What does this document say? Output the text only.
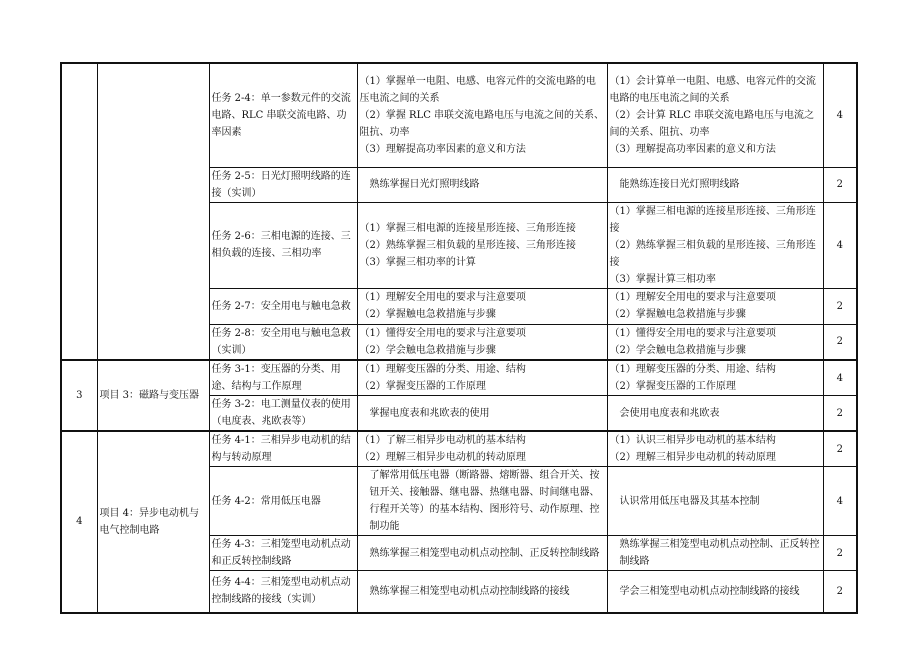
		任务 2-4：单一参数元件的交流电路、RLC 串联交流电路、功率因素	（1）掌握单一电阻、电感、电容元件的交流电路的电压电流之间的关系
（2）掌握 RLC 串联交流电路电压与电流之间的关系、阻抗、功率
（3）理解提高功率因素的意义和方法	（1）会计算单一电阻、电感、电容元件的交流电路的电压电流之间的关系
（2）会计算 RLC 串联交流电路电压与电流之间的关系、阻抗、功率
（3）理解提高功率因素的意义和方法	4
		任务 2-5：日光灯照明线路的连接（实训）	熟练掌握日光灯照明线路	能熟练连接日光灯照明线路	2
		任务 2-6：三相电源的连接、三相负载的连接、三相功率	（1）掌握三相电源的连接星形连接、三角形连接
（2）熟练掌握三相负载的星形连接、三角形连接
（3）掌握三相功率的计算	（1）掌握三相电源的连接星形连接、三角形连接
（2）熟练掌握三相负载的星形连接、三角形连接
（3）掌握计算三相功率	4
		任务 2-7：安全用电与触电急救	（1）理解安全用电的要求与注意要项
（2）掌握触电急救措施与步骤	（1）理解安全用电的要求与注意要项
（2）掌握触电急救措施与步骤	2
		任务 2-8：安全用电与触电急救（实训）	（1）懂得安全用电的要求与注意要项
（2）学会触电急救措施与步骤	（1）懂得安全用电的要求与注意要项
（2）学会触电急救措施与步骤	2
3	项目 3：磁路与变压器	任务 3-1：变压器的分类、用途、结构与工作原理	（1）理解变压器的分类、用途、结构
（2）掌握变压器的工作原理	（1）理解变压器的分类、用途、结构
（2）掌握变压器的工作原理	4
		任务 3-2：电工测量仪表的使用（电度表、兆欧表等）	掌握电度表和兆欧表的使用	会使用电度表和兆欧表	2
4	项目 4：异步电动机与电气控制电路	任务 4-1：三相异步电动机的结构与转动原理	（1）了解三相异步电动机的基本结构
（2）理解三相异步电动机的转动原理	（1）认识三相异步电动机的基本结构
（2）理解三相异步电动机的转动原理	2
		任务 4-2：常用低压电器	了解常用低压电器（断路器、熔断器、组合开关、按钮开关、接触器、继电器、热继电器、时间继电器、行程开关等）的基本结构、图形符号、动作原理、控制功能	认识常用低压电器及其基本控制	4
		任务 4-3：三相笼型电动机点动和正反转控制线路	熟练掌握三相笼型电动机点动控制、正反转控制线路	熟练掌握三相笼型电动机点动控制、正反转控制线路	2
		任务 4-4：三相笼型电动机点动控制线路的接线（实训）	熟练掌握三相笼型电动机点动控制线路的接线	学会三相笼型电动机点动控制线路的接线	2
